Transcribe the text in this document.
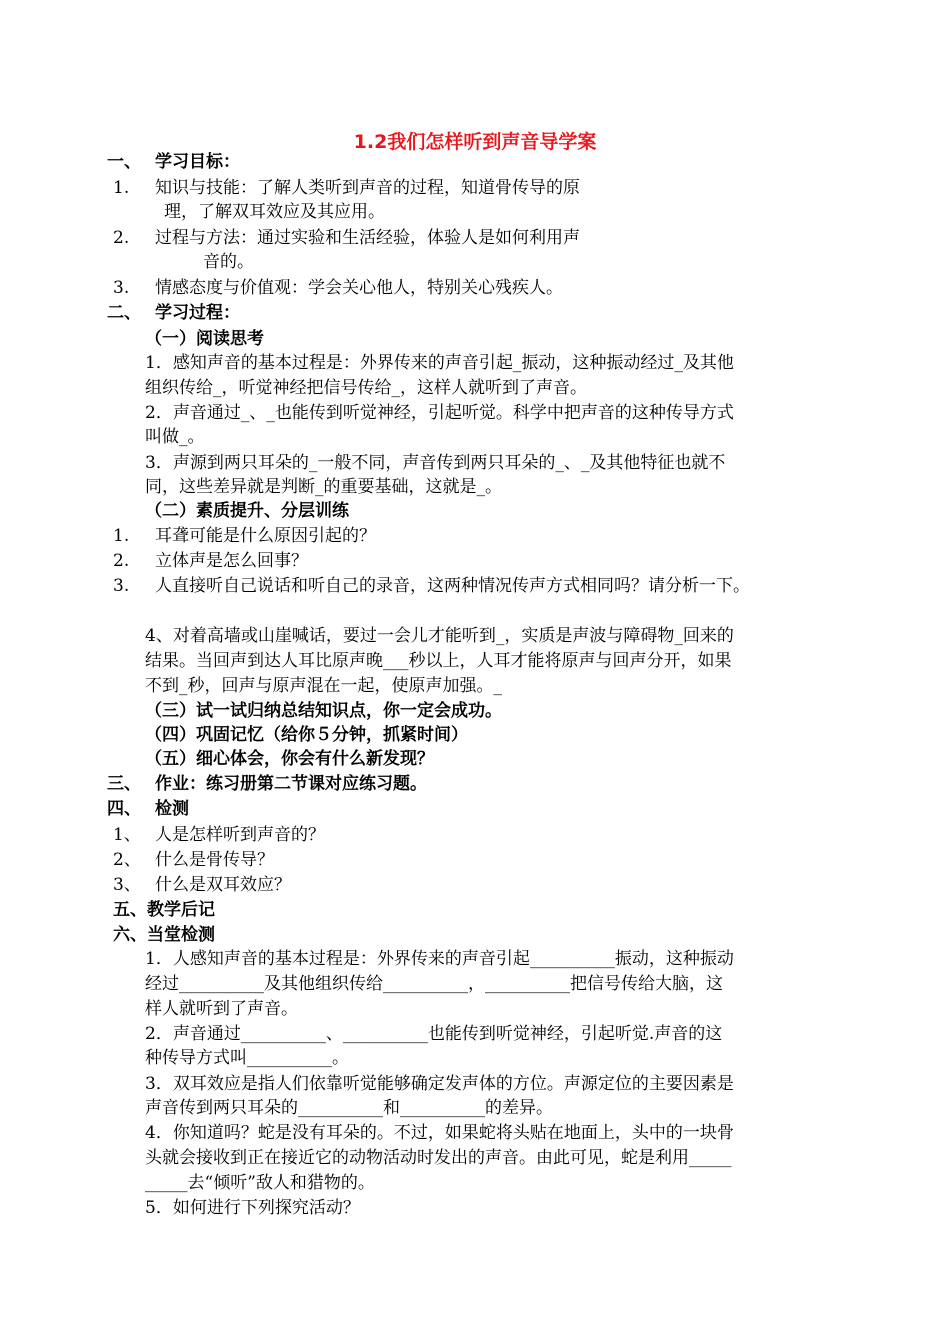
1.2我们怎样听到声音导学案
一、 学习目标：
1. 知识与技能：了解人类听到声音的过程，知道骨传导的原
理，了解双耳效应及其应用。
2. 过程与方法：通过实验和生活经验，体验人是如何利用声
音的。
3. 情感态度与价值观：学会关心他人，特别关心残疾人。
二、 学习过程：
（一）阅读思考
1．感知声音的基本过程是：外界传来的声音引起_振动，这种振动经过_及其他
组织传给_，听觉神经把信号传给_，这样人就听到了声音。
2．声音通过_、_也能传到听觉神经，引起听觉。科学中把声音的这种传导方式
叫做_。
3．声源到两只耳朵的_一般不同，声音传到两只耳朵的_、_及其他特征也就不
同，这些差异就是判断_的重要基础，这就是_。
（二）素质提升、分层训练
1. 耳聋可能是什么原因引起的？
2. 立体声是怎么回事？
3. 人直接听自己说话和听自己的录音，这两种情况传声方式相同吗？请分析一下。
4、对着高墙或山崖喊话，要过一会儿才能听到_，实质是声波与障碍物_回来的
结果。当回声到达人耳比原声晚___秒以上，人耳才能将原声与回声分开，如果
不到_秒，回声与原声混在一起，使原声加强。_
（三）试一试归纳总结知识点，你一定会成功。
（四）巩固记忆（给你５分钟，抓紧时间）
（五）细心体会，你会有什么新发现？
三、 作业：练习册第二节课对应练习题。
四、 检测
1、 人是怎样听到声音的？
2、 什么是骨传导？
3、 什么是双耳效应？
五、教学后记
六、当堂检测
1．人感知声音的基本过程是：外界传来的声音引起__________振动，这种振动
经过__________及其他组织传给__________，__________把信号传给大脑，这
样人就听到了声音。
2．声音通过__________、__________也能传到听觉神经，引起听觉.声音的这
种传导方式叫__________。
3．双耳效应是指人们依靠听觉能够确定发声体的方位。声源定位的主要因素是
声音传到两只耳朵的__________和__________的差异。
4．你知道吗？蛇是没有耳朵的。不过，如果蛇将头贴在地面上，头中的一块骨
头就会接收到正在接近它的动物活动时发出的声音。由此可见，蛇是利用_____
_____去“倾听”敌人和猎物的。
5．如何进行下列探究活动？
